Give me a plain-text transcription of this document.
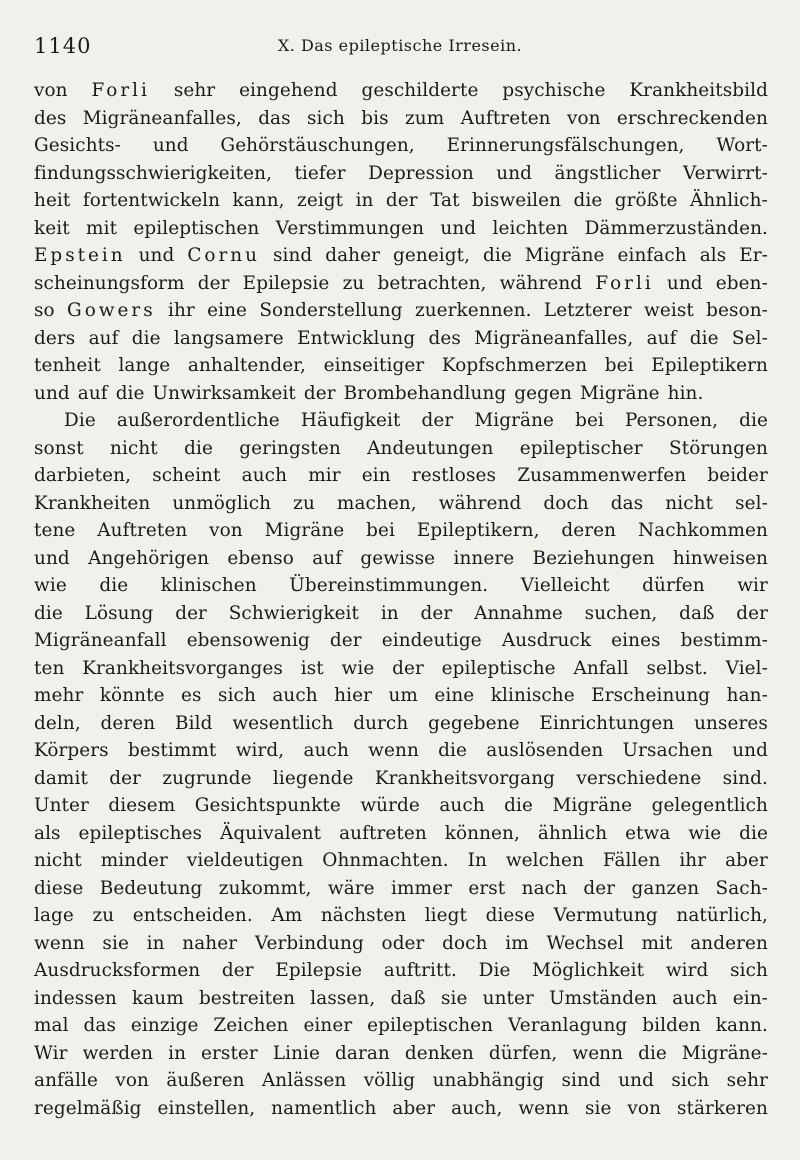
1140	X. Das epileptische Irresein.
von Forli sehr eingehend geschilderte psychische Krankheitsbild
des Migräneanfalles, das sich bis zum Auftreten von erschreckenden
Gesichts- und Gehörstäuschungen, Erinnerungsfälschungen, Wort-
findungsschwierigkeiten, tiefer Depression und ängstlicher Verwirrt-
heit fortentwickeln kann, zeigt in der Tat bisweilen die größte Ähnlich-
keit mit epileptischen Verstimmungen und leichten Dämmerzuständen.
Epstein und Cornu sind daher geneigt, die Migräne einfach als Er-
scheinungsform der Epilepsie zu betrachten, während Forli und eben-
so Gowers ihr eine Sonderstellung zuerkennen. Letzterer weist beson-
ders auf die langsamere Entwicklung des Migräneanfalles, auf die Sel-
tenheit lange anhaltender, einseitiger Kopfschmerzen bei Epileptikern
und auf die Unwirksamkeit der Brombehandlung gegen Migräne hin.
Die außerordentliche Häufigkeit der Migräne bei Personen, die
sonst nicht die geringsten Andeutungen epileptischer Störungen
darbieten, scheint auch mir ein restloses Zusammenwerfen beider
Krankheiten unmöglich zu machen, während doch das nicht sel-
tene Auftreten von Migräne bei Epileptikern, deren Nachkommen
und Angehörigen ebenso auf gewisse innere Beziehungen hinweisen
wie die klinischen Übereinstimmungen. Vielleicht dürfen wir
die Lösung der Schwierigkeit in der Annahme suchen, daß der
Migräneanfall ebensowenig der eindeutige Ausdruck eines bestimm-
ten Krankheitsvorganges ist wie der epileptische Anfall selbst. Viel-
mehr könnte es sich auch hier um eine klinische Erscheinung han-
deln, deren Bild wesentlich durch gegebene Einrichtungen unseres
Körpers bestimmt wird, auch wenn die auslösenden Ursachen und
damit der zugrunde liegende Krankheitsvorgang verschiedene sind.
Unter diesem Gesichtspunkte würde auch die Migräne gelegentlich
als epileptisches Äquivalent auftreten können, ähnlich etwa wie die
nicht minder vieldeutigen Ohnmachten. In welchen Fällen ihr aber
diese Bedeutung zukommt, wäre immer erst nach der ganzen Sach-
lage zu entscheiden. Am nächsten liegt diese Vermutung natürlich,
wenn sie in naher Verbindung oder doch im Wechsel mit anderen
Ausdrucksformen der Epilepsie auftritt. Die Möglichkeit wird sich
indessen kaum bestreiten lassen, daß sie unter Umständen auch ein-
mal das einzige Zeichen einer epileptischen Veranlagung bilden kann.
Wir werden in erster Linie daran denken dürfen, wenn die Migräne-
anfälle von äußeren Anlässen völlig unabhängig sind und sich sehr
regelmäßig einstellen, namentlich aber auch, wenn sie von stärkeren
